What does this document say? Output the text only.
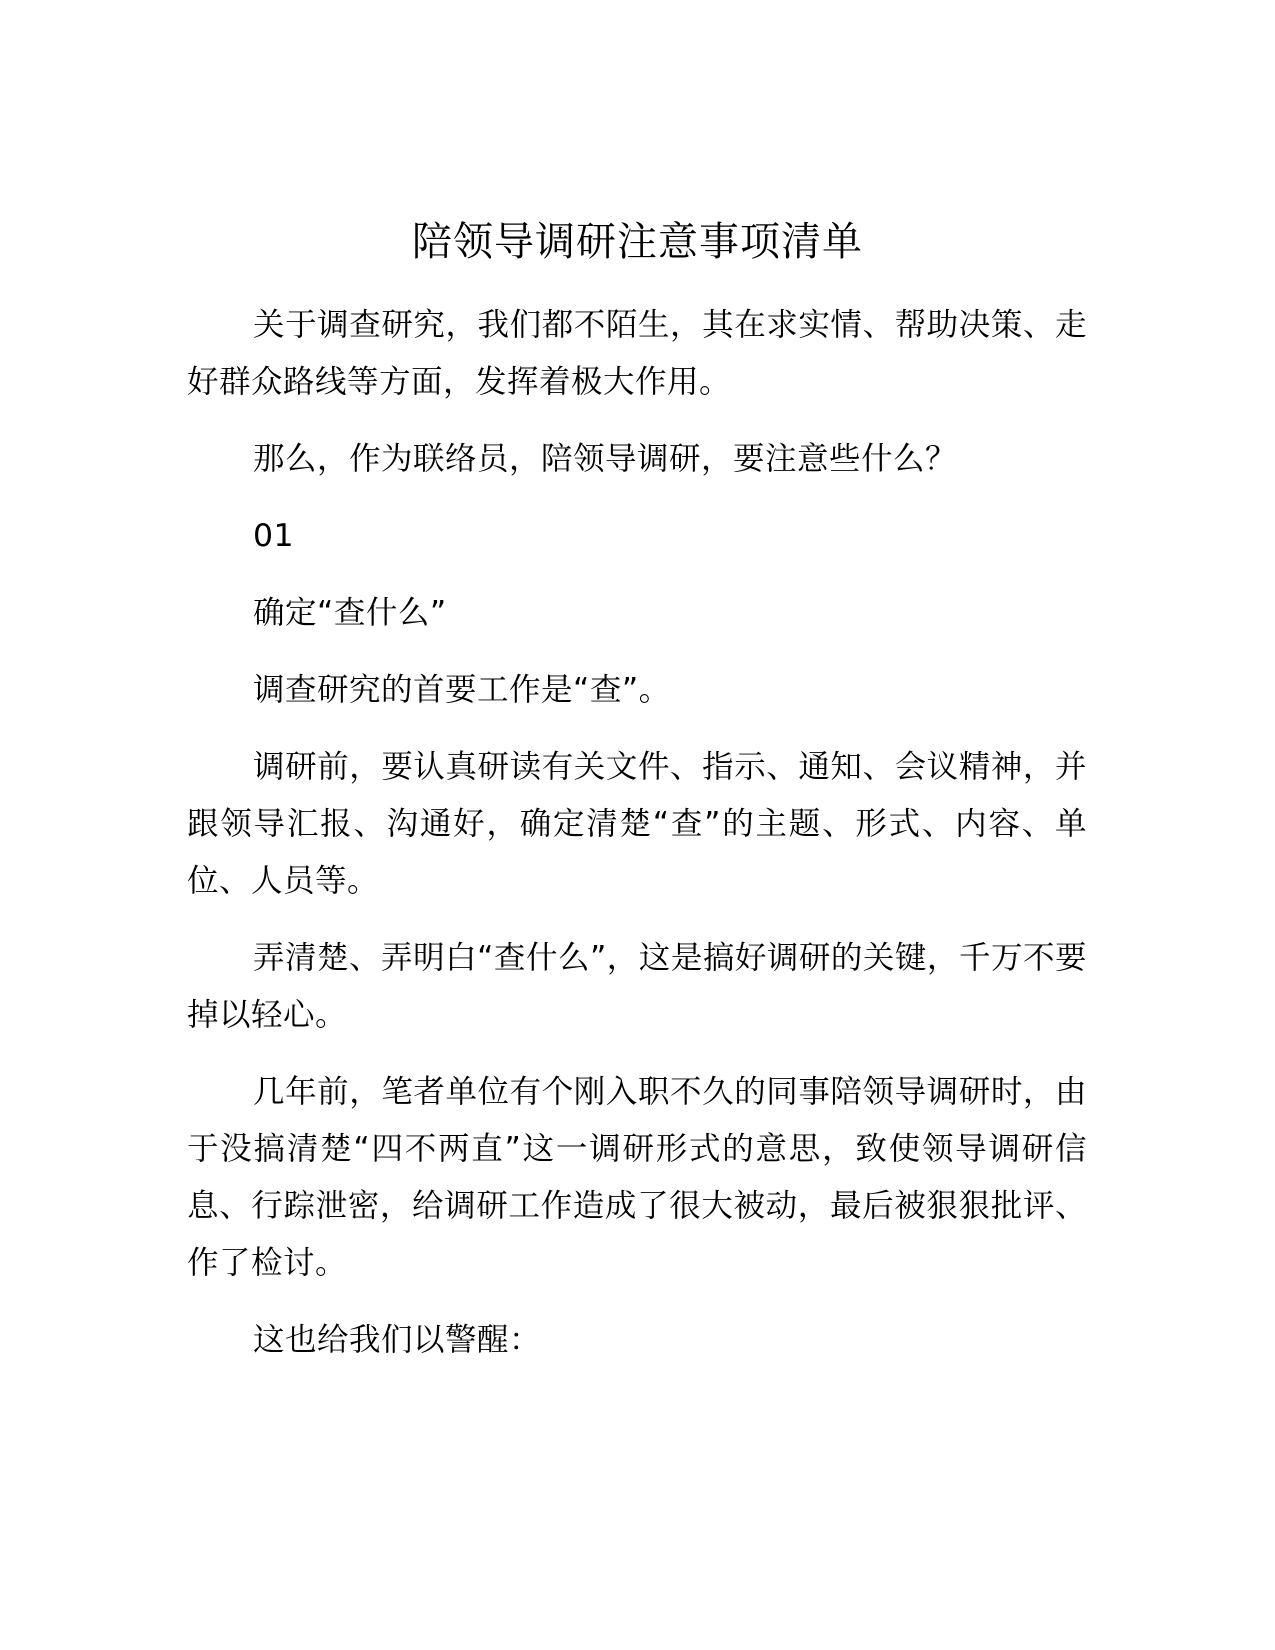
陪领导调研注意事项清单

关于调查研究，我们都不陌生，其在求实情、帮助决策、走好群众路线等方面，发挥着极大作用。

那么，作为联络员，陪领导调研，要注意些什么？

01

确定“查什么”

调查研究的首要工作是“查”。

调研前，要认真研读有关文件、指示、通知、会议精神，并跟领导汇报、沟通好，确定清楚“查”的主题、形式、内容、单位、人员等。

弄清楚、弄明白“查什么”，这是搞好调研的关键，千万不要掉以轻心。

几年前，笔者单位有个刚入职不久的同事陪领导调研时，由于没搞清楚“四不两直”这一调研形式的意思，致使领导调研信息、行踪泄密，给调研工作造成了很大被动，最后被狠狠批评、作了检讨。

这也给我们以警醒：
